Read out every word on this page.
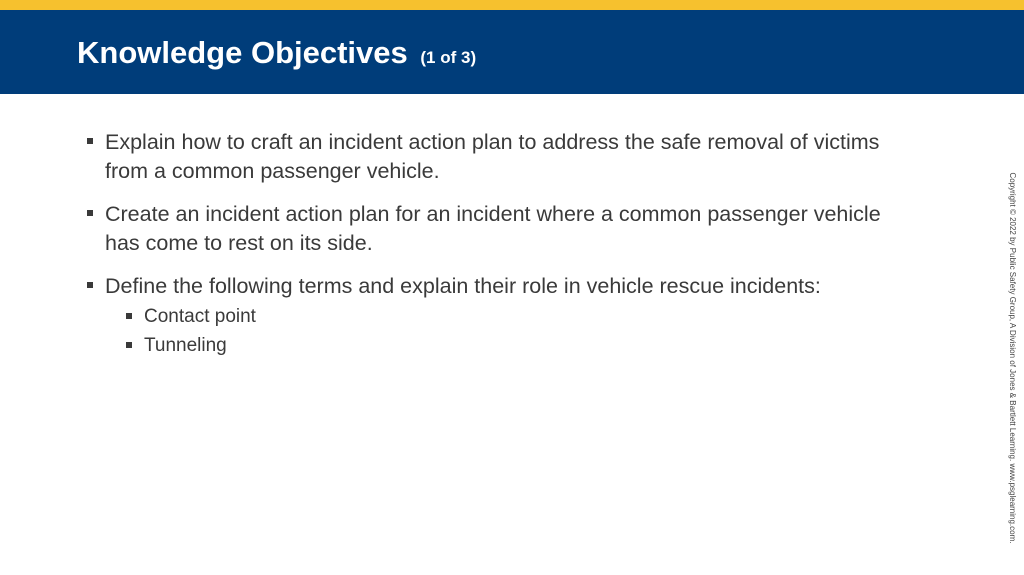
Knowledge Objectives (1 of 3)
Explain how to craft an incident action plan to address the safe removal of victims from a common passenger vehicle.
Create an incident action plan for an incident where a common passenger vehicle has come to rest on its side.
Define the following terms and explain their role in vehicle rescue incidents:
Contact point
Tunneling	Copyright © 2022 by Public Safety Group, A Division of Jones & Bartlett Learning. www.psglearning.com.
